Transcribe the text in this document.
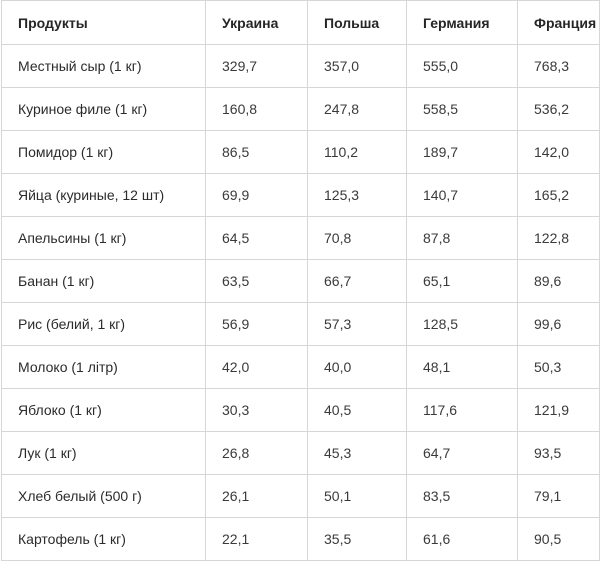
Продукты	Украина	Польша	Германия	Франция
Местный сыр (1 кг)	329,7	357,0	555,0	768,3
Куриное филе (1 кг)	160,8	247,8	558,5	536,2
Помидор (1 кг)	86,5	110,2	189,7	142,0
Яйца (куриные, 12 шт)	69,9	125,3	140,7	165,2
Апельсины (1 кг)	64,5	70,8	87,8	122,8
Банан (1 кг)	63,5	66,7	65,1	89,6
Рис (белий, 1 кг)	56,9	57,3	128,5	99,6
Молоко (1 літр)	42,0	40,0	48,1	50,3
Яблоко (1 кг)	30,3	40,5	117,6	121,9
Лук (1 кг)	26,8	45,3	64,7	93,5
Хлеб белый (500 г)	26,1	50,1	83,5	79,1
Картофель (1 кг)	22,1	35,5	61,6	90,5
